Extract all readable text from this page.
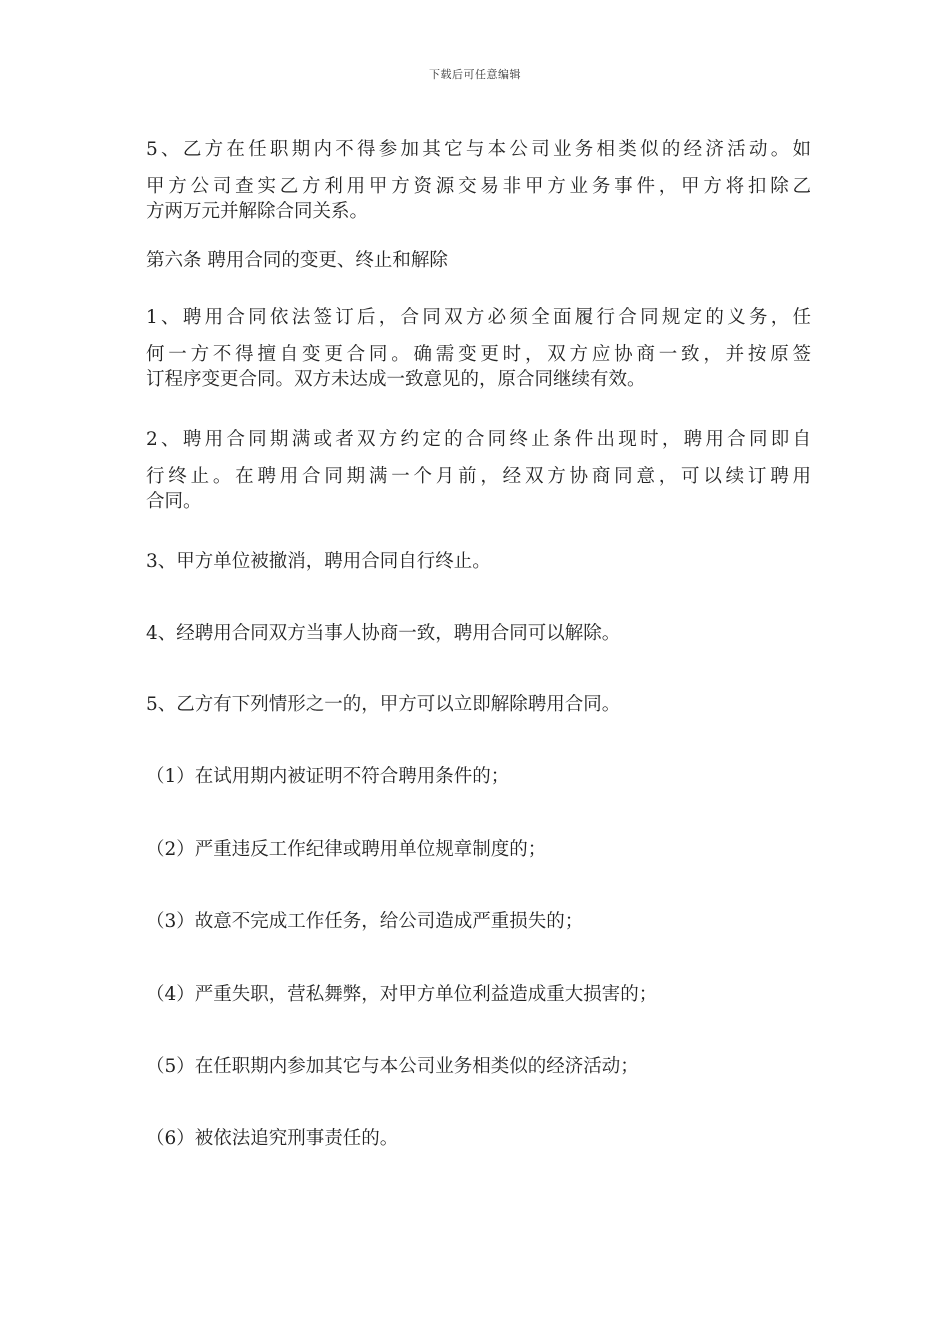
下载后可任意编辑
5、乙方在任职期内不得参加其它与本公司业务相类似的经济活动。如
甲方公司查实乙方利用甲方资源交易非甲方业务事件，甲方将扣除乙
方两万元并解除合同关系。
第六条 聘用合同的变更、终止和解除
1、聘用合同依法签订后，合同双方必须全面履行合同规定的义务，任
何一方不得擅自变更合同。确需变更时，双方应协商一致，并按原签
订程序变更合同。双方未达成一致意见的，原合同继续有效。
2、聘用合同期满或者双方约定的合同终止条件出现时，聘用合同即自
行终止。在聘用合同期满一个月前，经双方协商同意，可以续订聘用
合同。
3、甲方单位被撤消，聘用合同自行终止。
4、经聘用合同双方当事人协商一致，聘用合同可以解除。
5、乙方有下列情形之一的，甲方可以立即解除聘用合同。
（1）在试用期内被证明不符合聘用条件的；
（2）严重违反工作纪律或聘用单位规章制度的；
（3）故意不完成工作任务，给公司造成严重损失的；
（4）严重失职，营私舞弊，对甲方单位利益造成重大损害的；
（5）在任职期内参加其它与本公司业务相类似的经济活动；
（6）被依法追究刑事责任的。
